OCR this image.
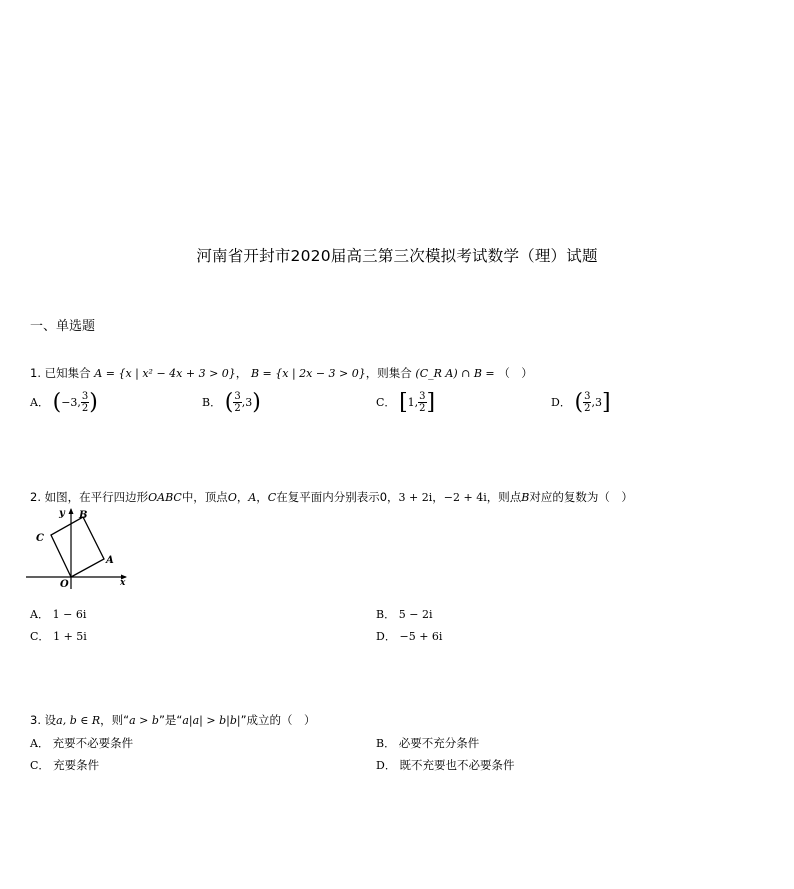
河南省开封市2020届高三第三次模拟考试数学（理）试题
一、单选题
1. 已知集合 A = {x | x² − 4x + 3 > 0}， B = {x | 2x − 3 > 0}，则集合 (C_R A) ∩ B = （　）
A． (−3, $\frac{3}{2}$ )	B． ( $\frac{3}{2} ,3$)	C． [1, $\frac{3}{2}$ ]	D． ( $\frac{3}{2} ,3$]
2. 如图，在平行四边形OABC中，顶点O，A，C在复平面内分别表示0，3 + 2i，−2 + 4i，则点B对应的复数为（　）
y B
C
A
O	x
A． 1 − 6i	B． 5 − 2i
C． 1 + 5i	D． −5 + 6i
3. 设a, b ∈ R，则“a > b”是“a|a| > b|b|”成立的（　）
A． 充要不必要条件	B． 必要不充分条件
C． 充要条件	D． 既不充要也不必要条件
